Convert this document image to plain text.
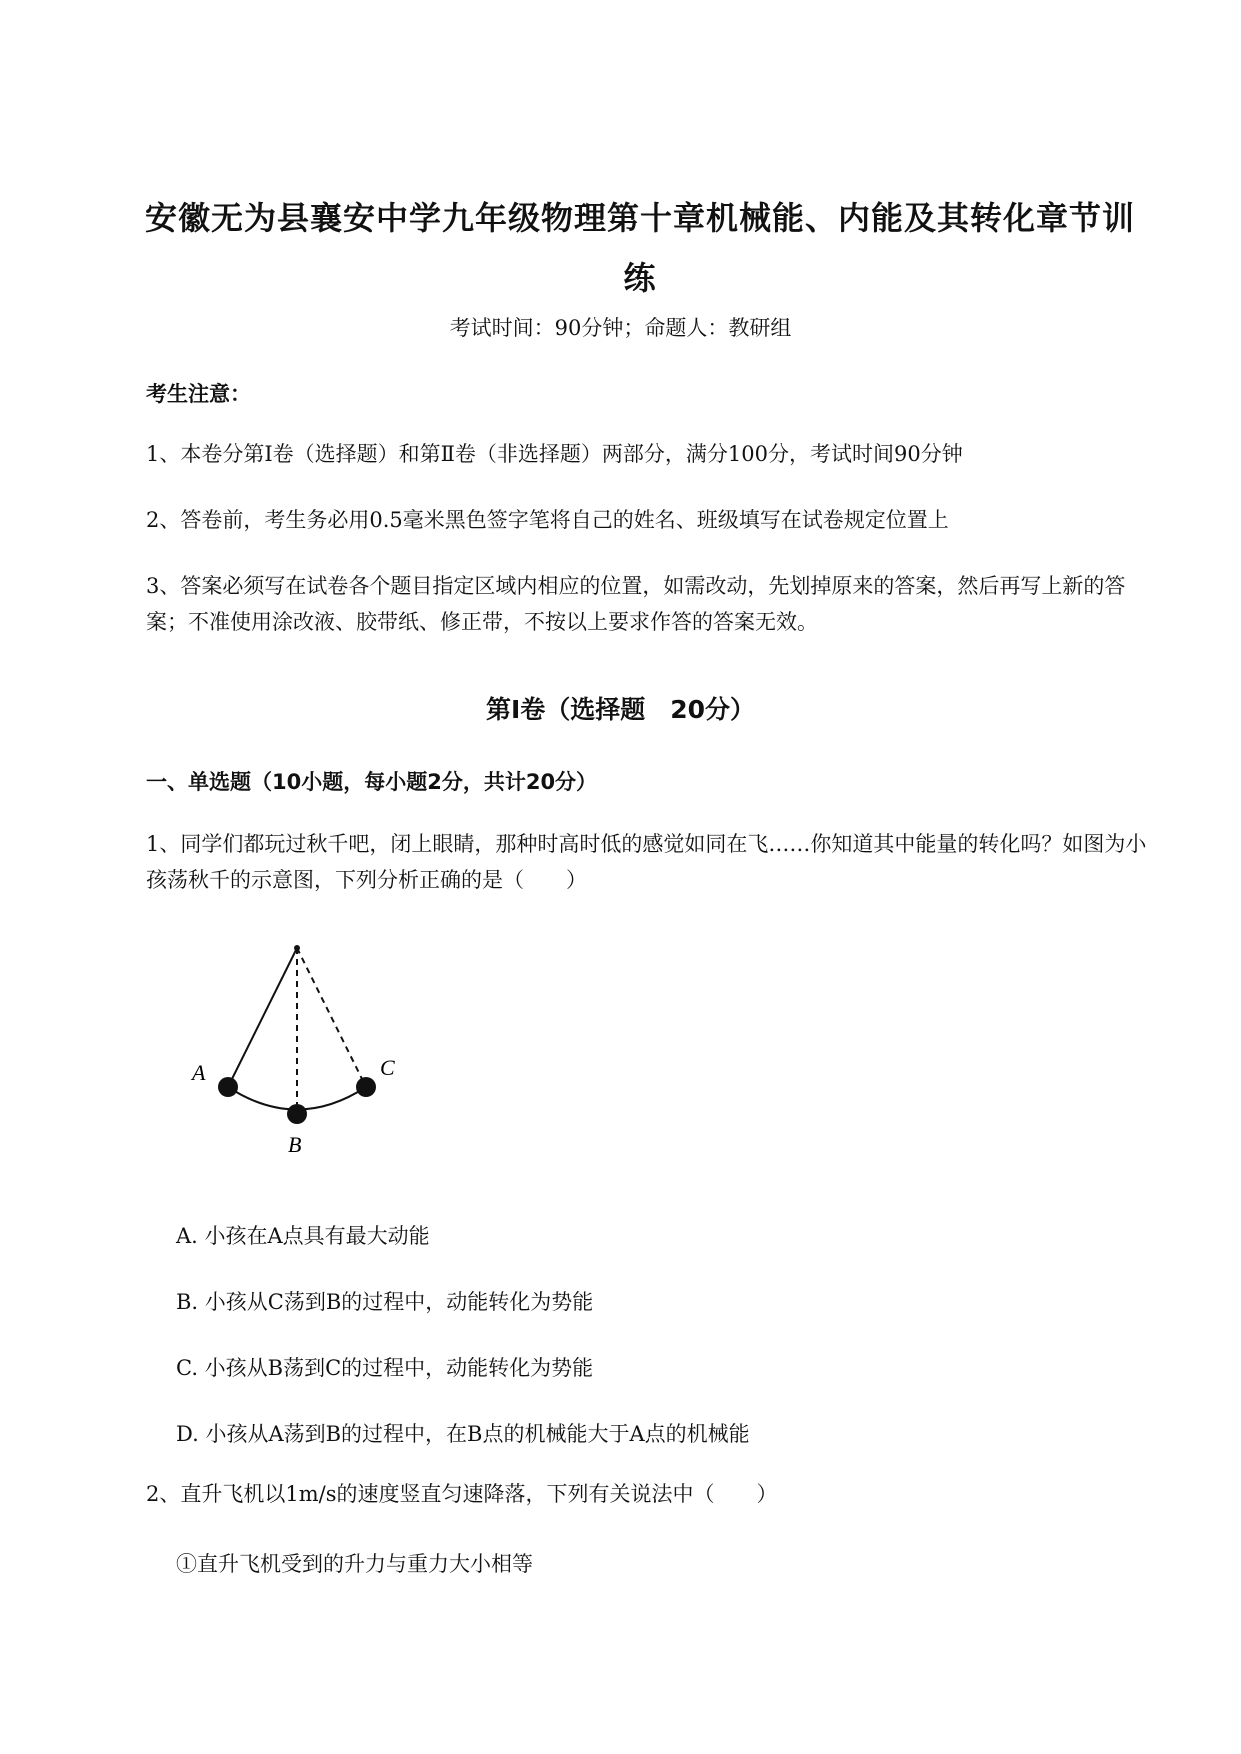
安徽无为县襄安中学九年级物理第十章机械能、内能及其转化章节训练
考试时间：90分钟；命题人：教研组
考生注意：
1、本卷分第Ⅰ卷（选择题）和第Ⅱ卷（非选择题）两部分，满分100分，考试时间90分钟
2、答卷前，考生务必用0.5毫米黑色签字笔将自己的姓名、班级填写在试卷规定位置上
3、答案必须写在试卷各个题目指定区域内相应的位置，如需改动，先划掉原来的答案，然后再写上新的答案；不准使用涂改液、胶带纸、修正带，不按以上要求作答的答案无效。
第Ⅰ卷（选择题　20分）
一、单选题（10小题，每小题2分，共计20分）
1、同学们都玩过秋千吧，闭上眼睛，那种时高时低的感觉如同在飞……你知道其中能量的转化吗？如图为小孩荡秋千的示意图，下列分析正确的是（　　）
A
B
C
A. 小孩在A点具有最大动能
B. 小孩从C荡到B的过程中，动能转化为势能
C. 小孩从B荡到C的过程中，动能转化为势能
D. 小孩从A荡到B的过程中，在B点的机械能大于A点的机械能
2、直升飞机以1m/s的速度竖直匀速降落，下列有关说法中（　　）
①直升飞机受到的升力与重力大小相等
